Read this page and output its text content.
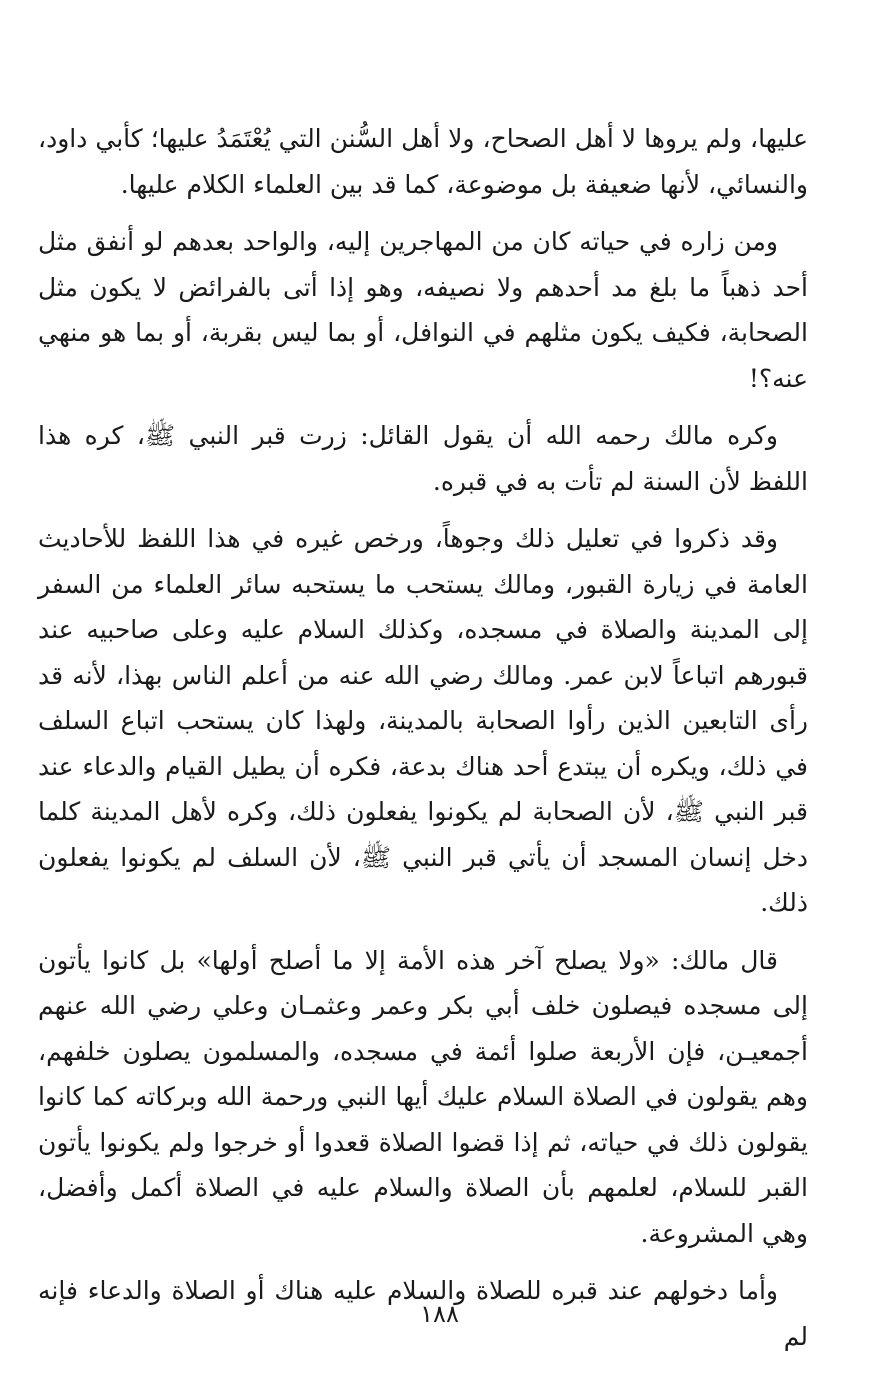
عليها، ولم يروها لا أهل الصحاح، ولا أهل السُّنن التي يُعْتَمَدُ عليها؛ كأبي داود، والنسائي، لأنها ضعيفة بل موضوعة، كما قد بين العلماء الكلام عليها.

ومن زاره في حياته كان من المهاجرين إليه، والواحد بعدهم لو أنفق مثل أحد ذهباً ما بلغ مد أحدهم ولا نصيفه، وهو إذا أتى بالفرائض لا يكون مثل الصحابة، فكيف يكون مثلهم في النوافل، أو بما ليس بقربة، أو بما هو منهي عنه؟!

وكره مالك رحمه الله أن يقول القائل: زرت قبر النبي ﷺ، كره هذا اللفظ لأن السنة لم تأت به في قبره.

وقد ذكروا في تعليل ذلك وجوهاً، ورخص غيره في هذا اللفظ للأحاديث العامة في زيارة القبور، ومالك يستحب ما يستحبه سائر العلماء من السفر إلى المدينة والصلاة في مسجده، وكذلك السلام عليه وعلى صاحبيه عند قبورهم اتباعاً لابن عمر. ومالك رضي الله عنه من أعلم الناس بهذا، لأنه قد رأى التابعين الذين رأوا الصحابة بالمدينة، ولهذا كان يستحب اتباع السلف في ذلك، ويكره أن يبتدع أحد هناك بدعة، فكره أن يطيل القيام والدعاء عند قبر النبي ﷺ، لأن الصحابة لم يكونوا يفعلون ذلك، وكره لأهل المدينة كلما دخل إنسان المسجد أن يأتي قبر النبي ﷺ، لأن السلف لم يكونوا يفعلون ذلك.

قال مالك: «ولا يصلح آخر هذه الأمة إلا ما أصلح أولها» بل كانوا يأتون إلى مسجده فيصلون خلف أبي بكر وعمر وعثمـان وعلي رضي الله عنهم أجمعيـن، فإن الأربعة صلوا أئمة في مسجده، والمسلمون يصلون خلفهم، وهم يقولون في الصلاة السلام عليك أيها النبي ورحمة الله وبركاته كما كانوا يقولون ذلك في حياته، ثم إذا قضوا الصلاة قعدوا أو خرجوا ولم يكونوا يأتون القبر للسلام، لعلمهم بأن الصلاة والسلام عليه في الصلاة أكمل وأفضل، وهي المشروعة.

وأما دخولهم عند قبره للصلاة والسلام عليه هناك أو الصلاة والدعاء فإنه لم

١٨٨
